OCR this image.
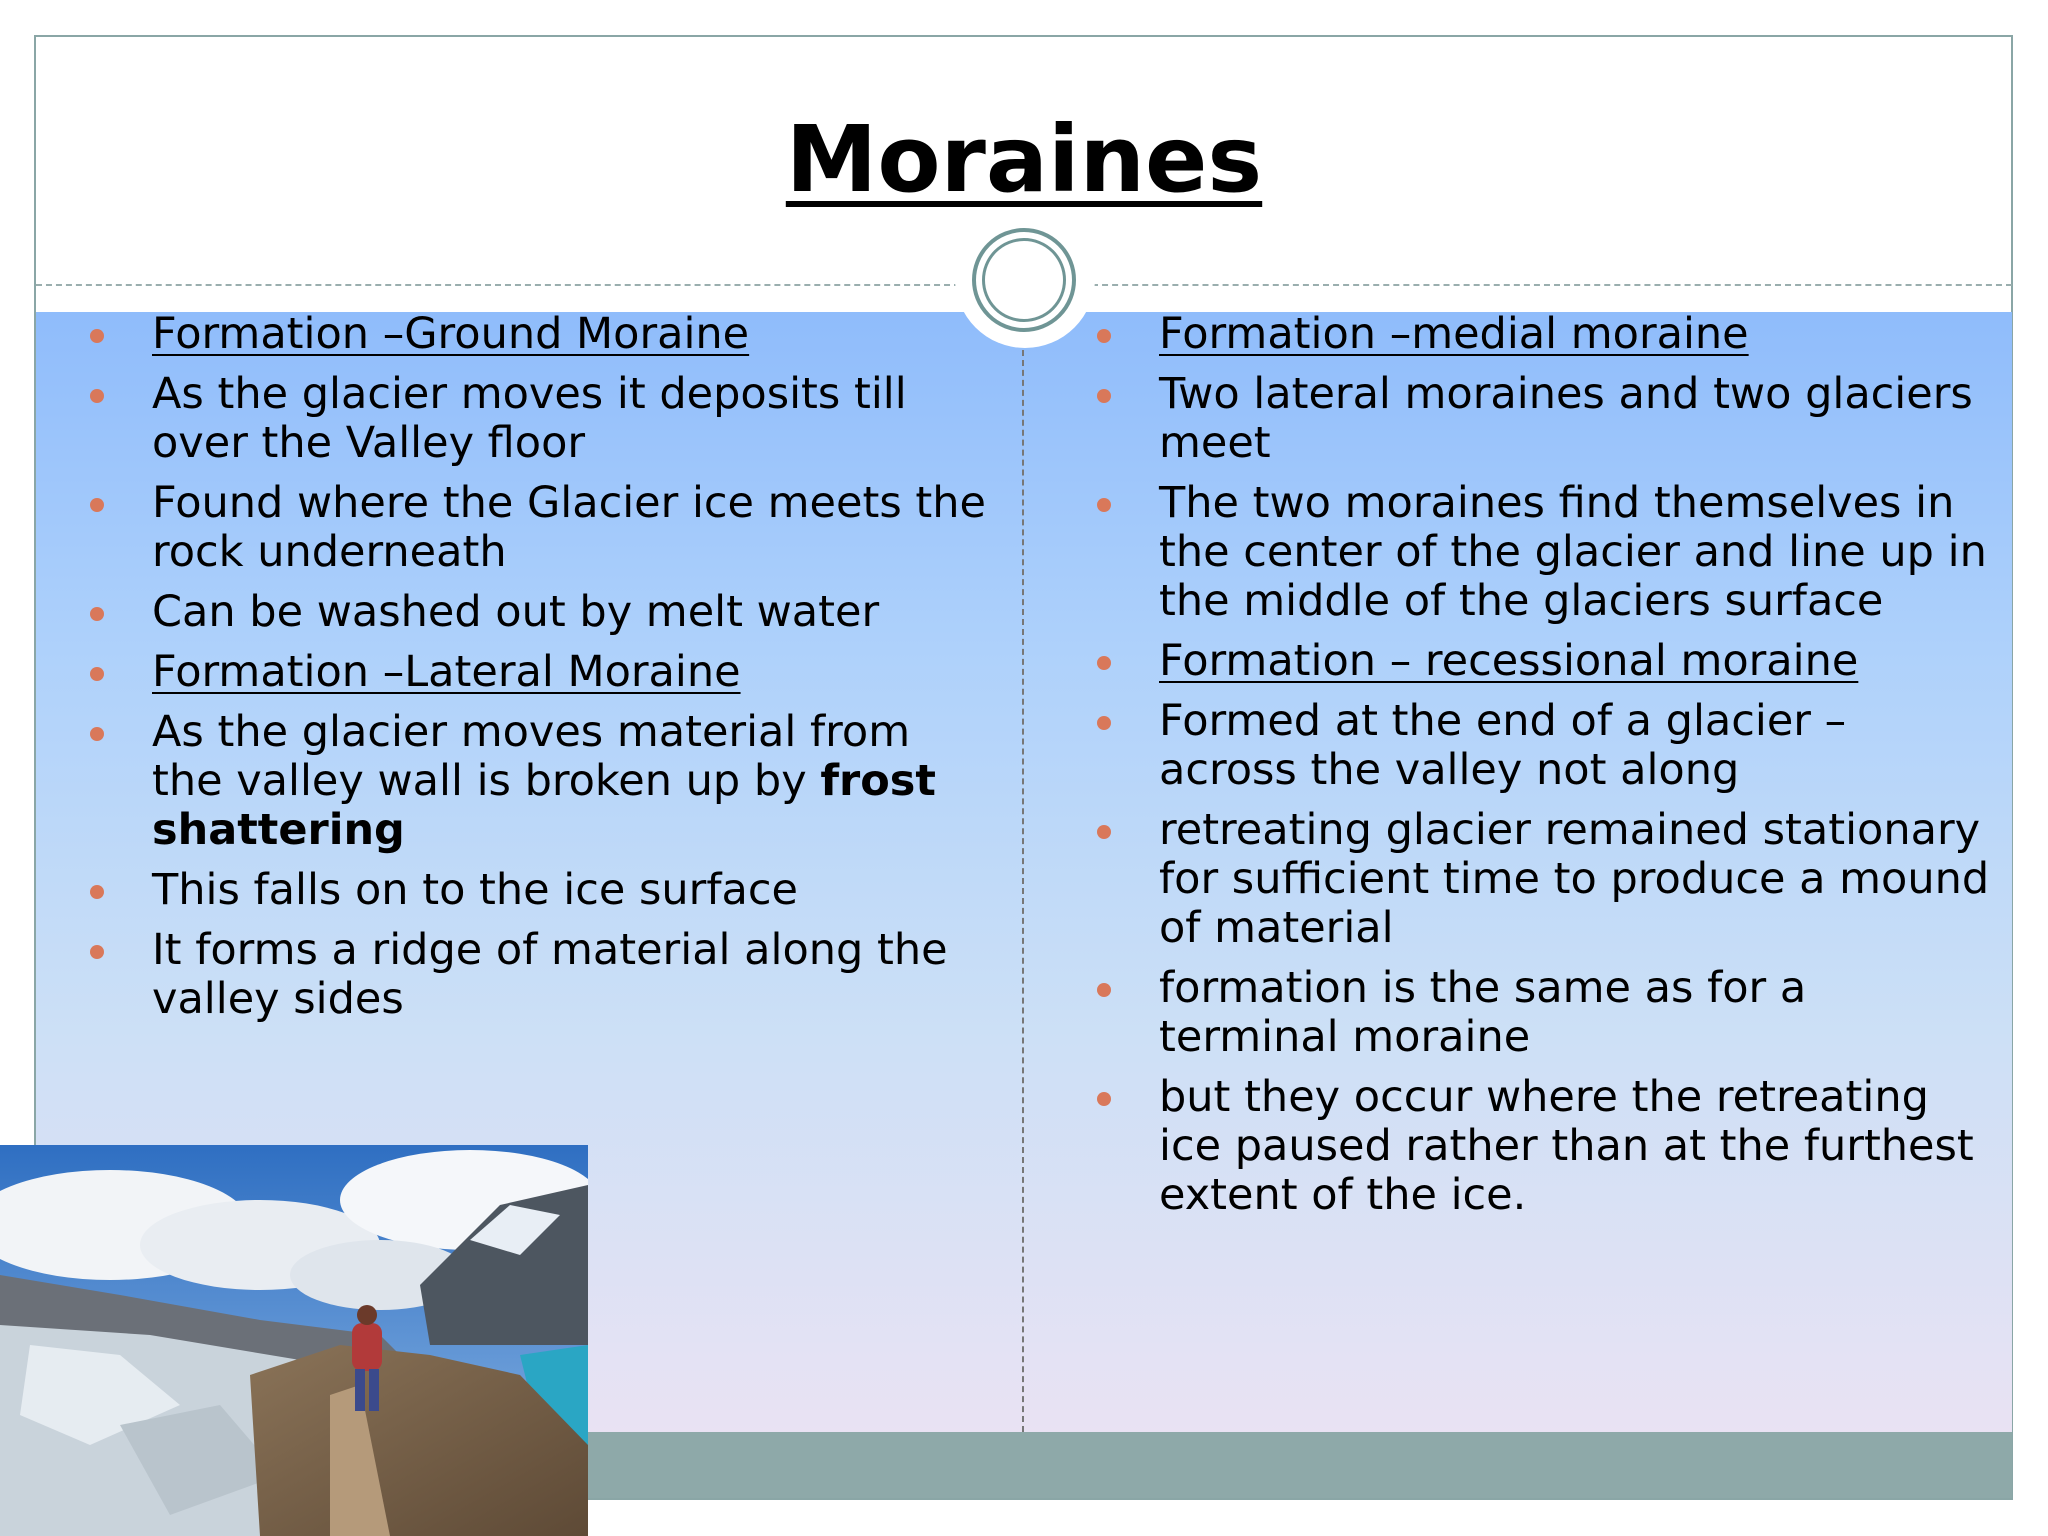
Moraines
Formation –Ground Moraine
As the glacier moves it deposits till over the Valley floor
Found where the Glacier ice meets the rock underneath
Can be washed out by melt water
Formation –Lateral Moraine
As the glacier moves material from the valley wall is broken up by frost shattering
This falls on to the ice surface
It forms a ridge of material along the valley sides
Formation –medial moraine
Two lateral moraines and two glaciers meet
The two moraines find themselves in the center of the glacier and line up in the middle of the glaciers surface
Formation – recessional moraine
Formed at the end of a glacier – across the valley not along
retreating glacier remained stationary for sufficient time to produce a mound of material
formation is the same as for a terminal moraine
but they occur where the retreating ice paused rather than at the furthest extent of the ice.
